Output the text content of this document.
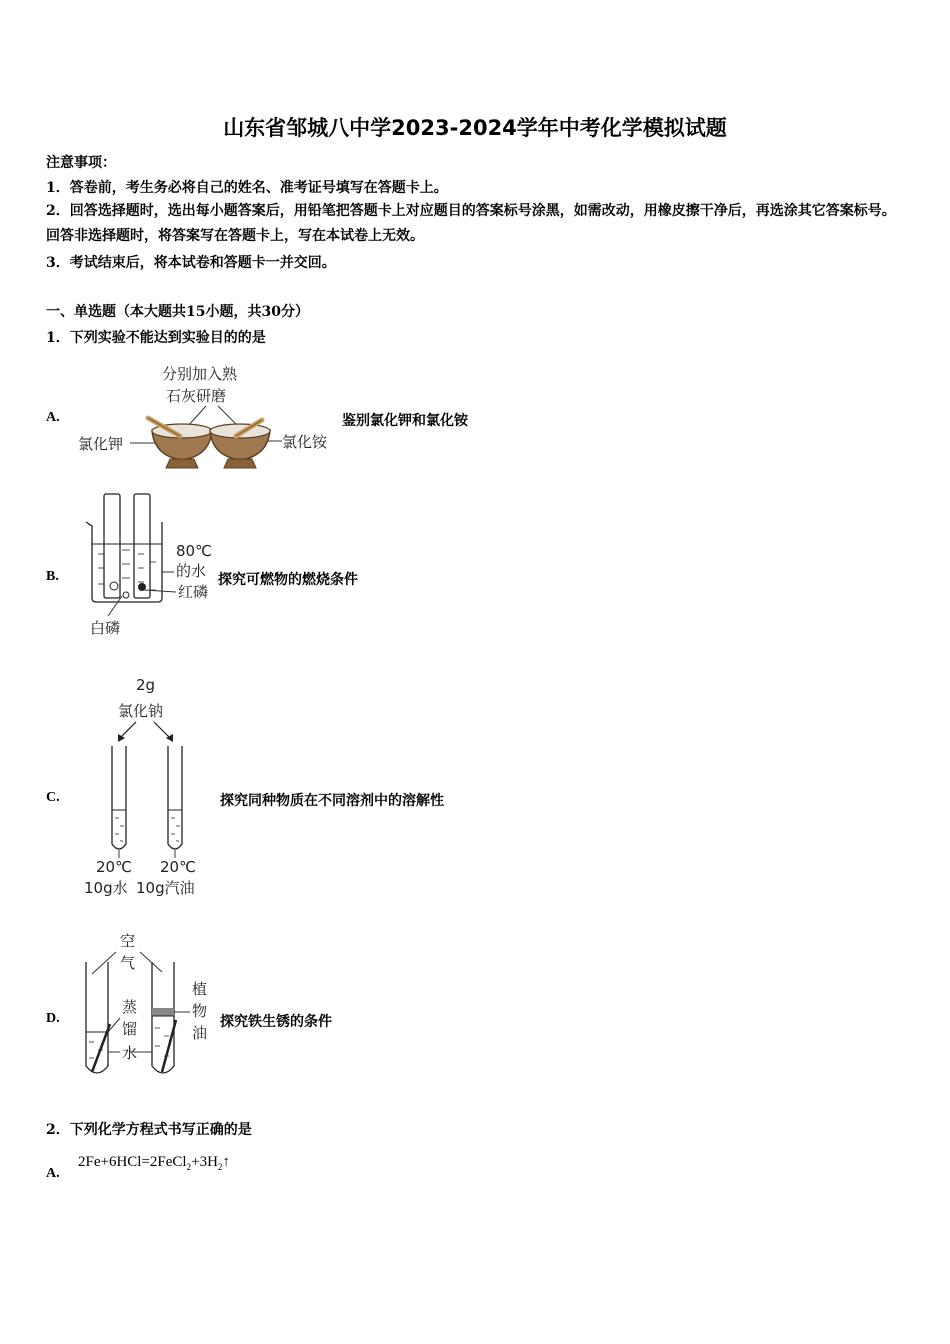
山东省邹城八中学2023-2024学年中考化学模拟试题
注意事项：
1．答卷前，考生务必将自己的姓名、准考证号填写在答题卡上。
2．回答选择题时，选出每小题答案后，用铅笔把答题卡上对应题目的答案标号涂黑，如需改动，用橡皮擦干净后，再选涂其它答案标号。回答非选择题时，将答案写在答题卡上，写在本试卷上无效。
3．考试结束后，将本试卷和答题卡一并交回。
一、单选题（本大题共15小题，共30分）
1．下列实验不能达到实验目的的是
A.
分别加入熟
石灰研磨
氯化钾	氯化铵
鉴别氯化钾和氯化铵
B.
80℃
的水
红磷
白磷
探究可燃物的燃烧条件
C.
2g
氯化钠
20℃
10g水
20℃
10g汽油
探究同种物质在不同溶剂中的溶解性
D.
空
气
植
物
油
蒸
馏
水
探究铁生锈的条件
2．下列化学方程式书写正确的是
A.
$2Fe+6HCl=2FeCl_2+3H_2↑$
